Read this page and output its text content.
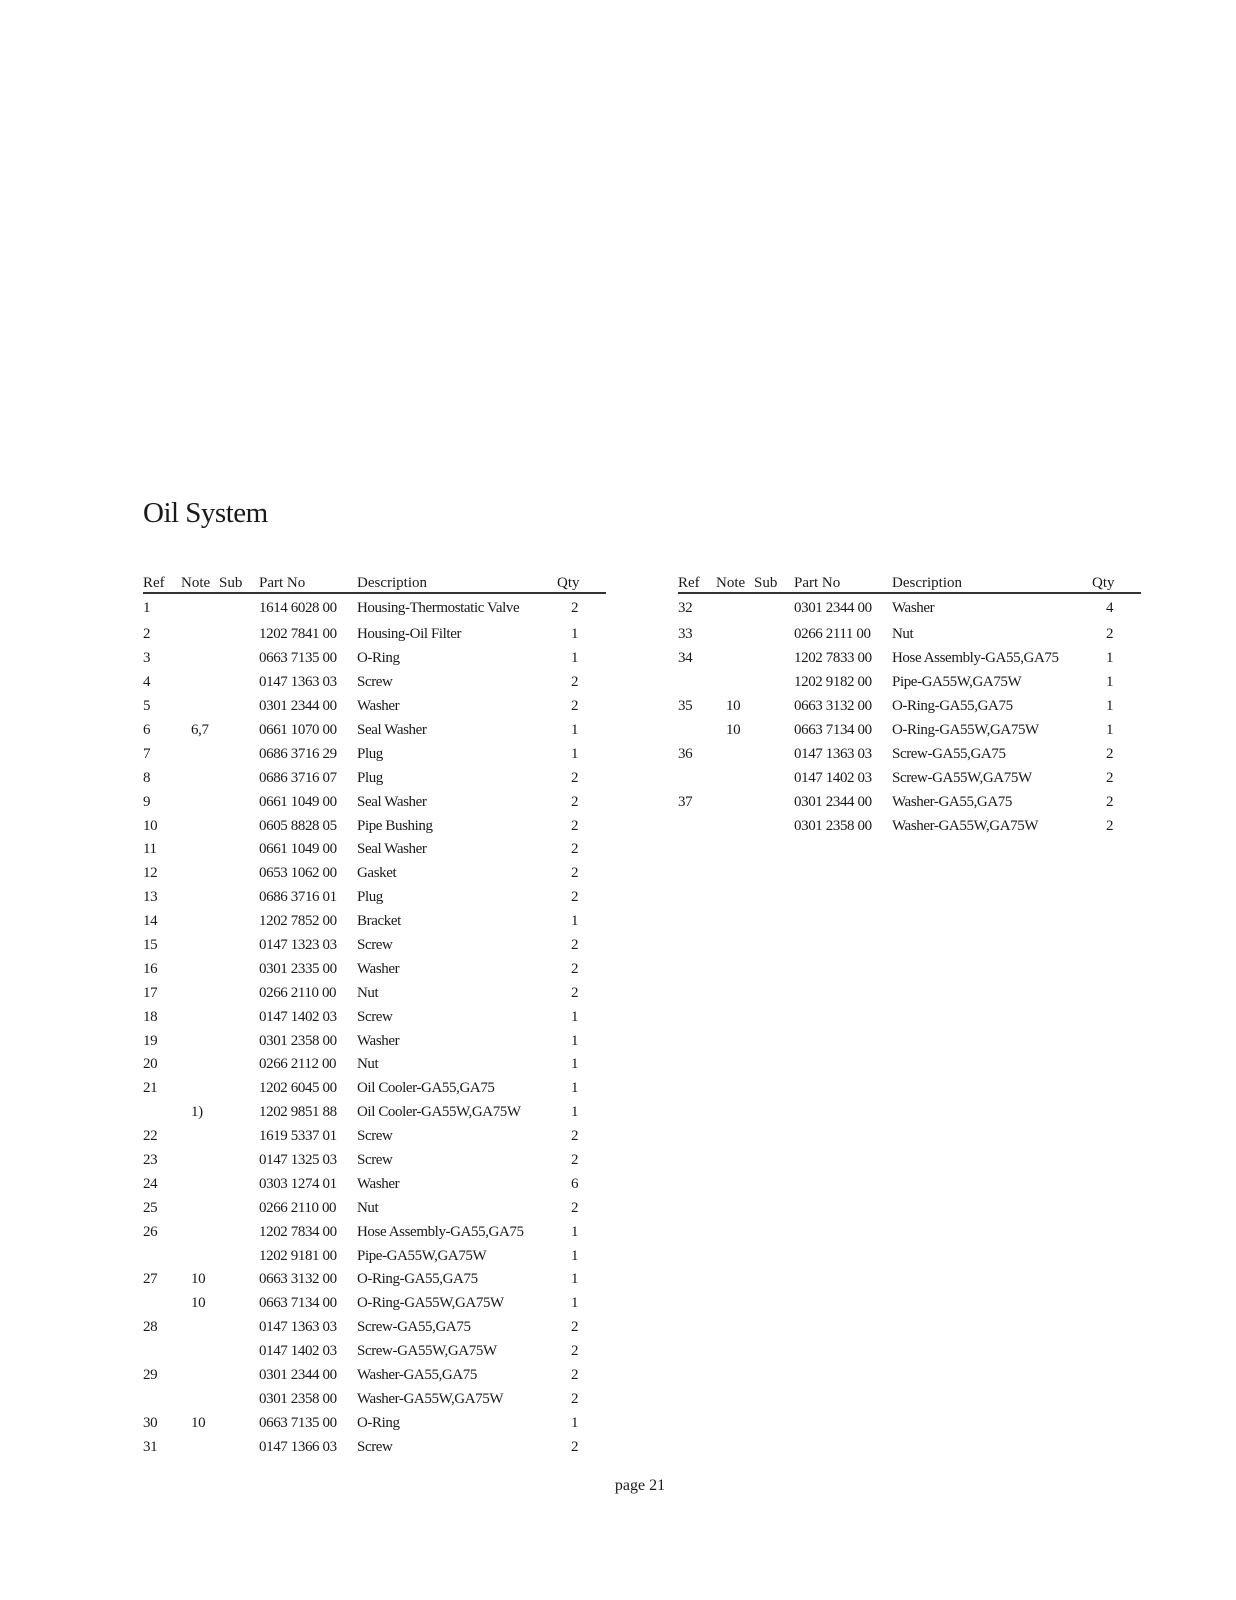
Oil System
Ref	Note	Sub	Part No	Description	Qty
1			1614 6028 00	Housing-Thermostatic Valve	2
2			1202 7841 00	Housing-Oil Filter	1
3			0663 7135 00	O-Ring	1
4			0147 1363 03	Screw	2
5			0301 2344 00	Washer	2
6	6,7		0661 1070 00	Seal Washer	1
7			0686 3716 29	Plug	1
8			0686 3716 07	Plug	2
9			0661 1049 00	Seal Washer	2
10			0605 8828 05	Pipe Bushing	2
11			0661 1049 00	Seal Washer	2
12			0653 1062 00	Gasket	2
13			0686 3716 01	Plug	2
14			1202 7852 00	Bracket	1
15			0147 1323 03	Screw	2
16			0301 2335 00	Washer	2
17			0266 2110 00	Nut	2
18			0147 1402 03	Screw	1
19			0301 2358 00	Washer	1
20			0266 2112 00	Nut	1
21			1202 6045 00	Oil Cooler-GA55,GA75	1
	1)		1202 9851 88	Oil Cooler-GA55W,GA75W	1
22			1619 5337 01	Screw	2
23			0147 1325 03	Screw	2
24			0303 1274 01	Washer	6
25			0266 2110 00	Nut	2
26			1202 7834 00	Hose Assembly-GA55,GA75	1
			1202 9181 00	Pipe-GA55W,GA75W	1
27	10		0663 3132 00	O-Ring-GA55,GA75	1
	10		0663 7134 00	O-Ring-GA55W,GA75W	1
28			0147 1363 03	Screw-GA55,GA75	2
			0147 1402 03	Screw-GA55W,GA75W	2
29			0301 2344 00	Washer-GA55,GA75	2
			0301 2358 00	Washer-GA55W,GA75W	2
30	10		0663 7135 00	O-Ring	1
31			0147 1366 03	Screw	2
Ref	Note	Sub	Part No	Description	Qty
32			0301 2344 00	Washer	4
33			0266 2111 00	Nut	2
34			1202 7833 00	Hose Assembly-GA55,GA75	1
			1202 9182 00	Pipe-GA55W,GA75W	1
35	10		0663 3132 00	O-Ring-GA55,GA75	1
	10		0663 7134 00	O-Ring-GA55W,GA75W	1
36			0147 1363 03	Screw-GA55,GA75	2
			0147 1402 03	Screw-GA55W,GA75W	2
37			0301 2344 00	Washer-GA55,GA75	2
			0301 2358 00	Washer-GA55W,GA75W	2
page 21
